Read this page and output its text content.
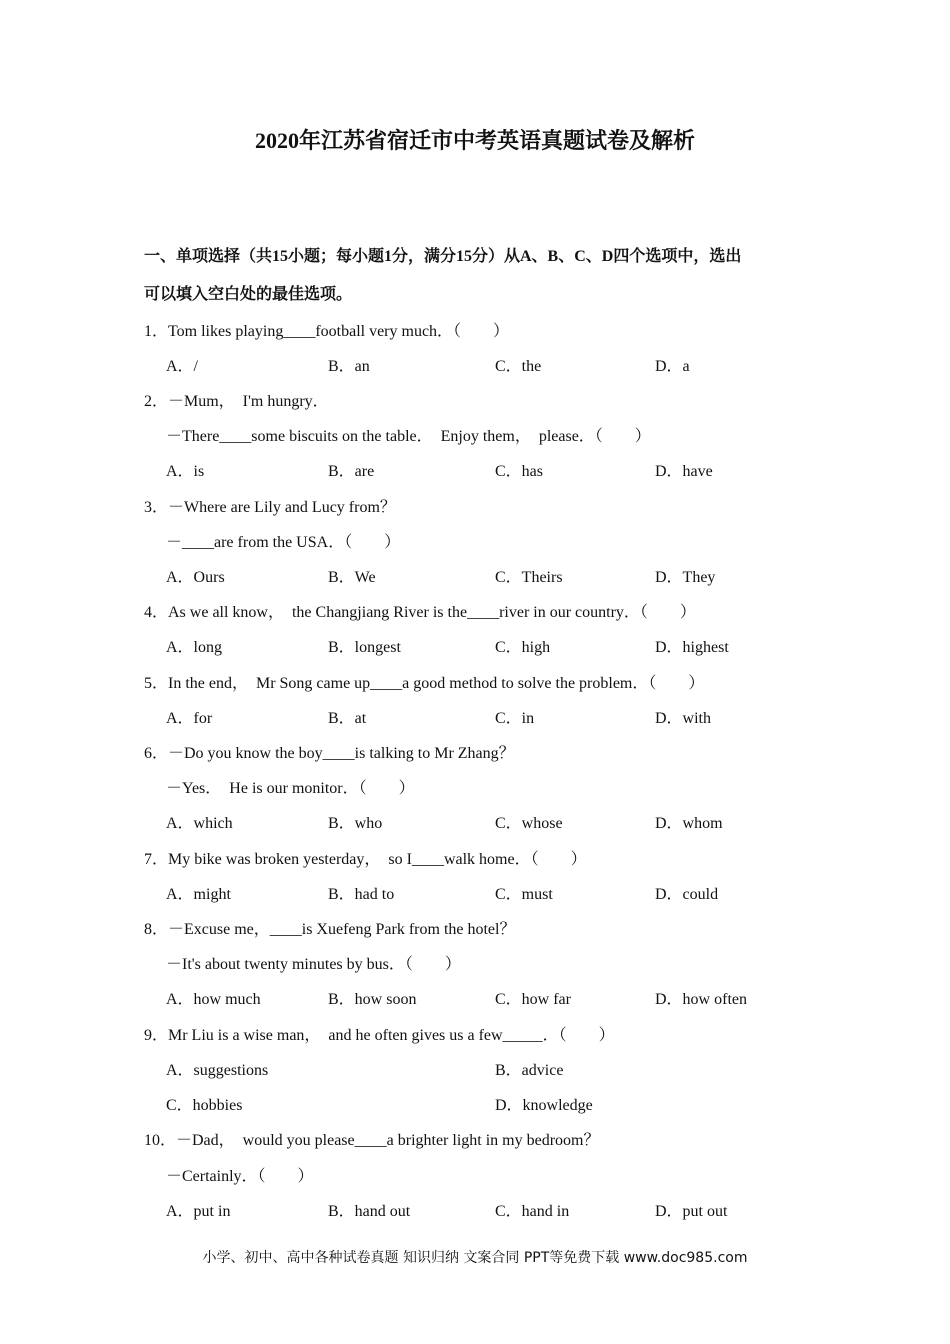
2020年江苏省宿迁市中考英语真题试卷及解析
一、单项选择（共15小题；每小题1分，满分15分）从A、B、C、D四个选项中，选出
可以填入空白处的最佳选项。
1．Tom likes playing____football very much．（　　）
A．/	B．an	C．the	D．a
2．－Mum，  I'm hungry．
－There____some biscuits on the table．  Enjoy them，  please．（　　）
A．is	B．are	C．has	D．have
3．－Where are Lily and Lucy from？
－____are from the USA．（　　）
A．Ours	B．We	C．Theirs	D．They
4．As we all know，  the Changjiang River is the____river in our country．（　　）
A．long	B．longest	C．high	D．highest
5．In the end，  Mr Song came up____a good method to solve the problem．（　　）
A．for	B．at	C．in	D．with
6．－Do you know the boy____is talking to Mr Zhang？
－Yes．  He is our monitor．（　　）
A．which	B．who	C．whose	D．whom
7．My bike was broken yesterday，  so I____walk home．（　　）
A．might	B．had to	C．must	D．could
8．－Excuse me，____is Xuefeng Park from the hotel？
－It's about twenty minutes by bus．（　　）
A．how much	B．how soon	C．how far	D．how often
9．Mr Liu is a wise man，  and he often gives us a few_____．（　　）
A．suggestions	B．advice
C．hobbies	D．knowledge
10．－Dad，  would you please____a brighter light in my bedroom？
－Certainly．（　　）
A．put in	B．hand out	C．hand in	D．put out
小学、初中、高中各种试卷真题 知识归纳 文案合同 PPT等免费下载 www.doc985.com
